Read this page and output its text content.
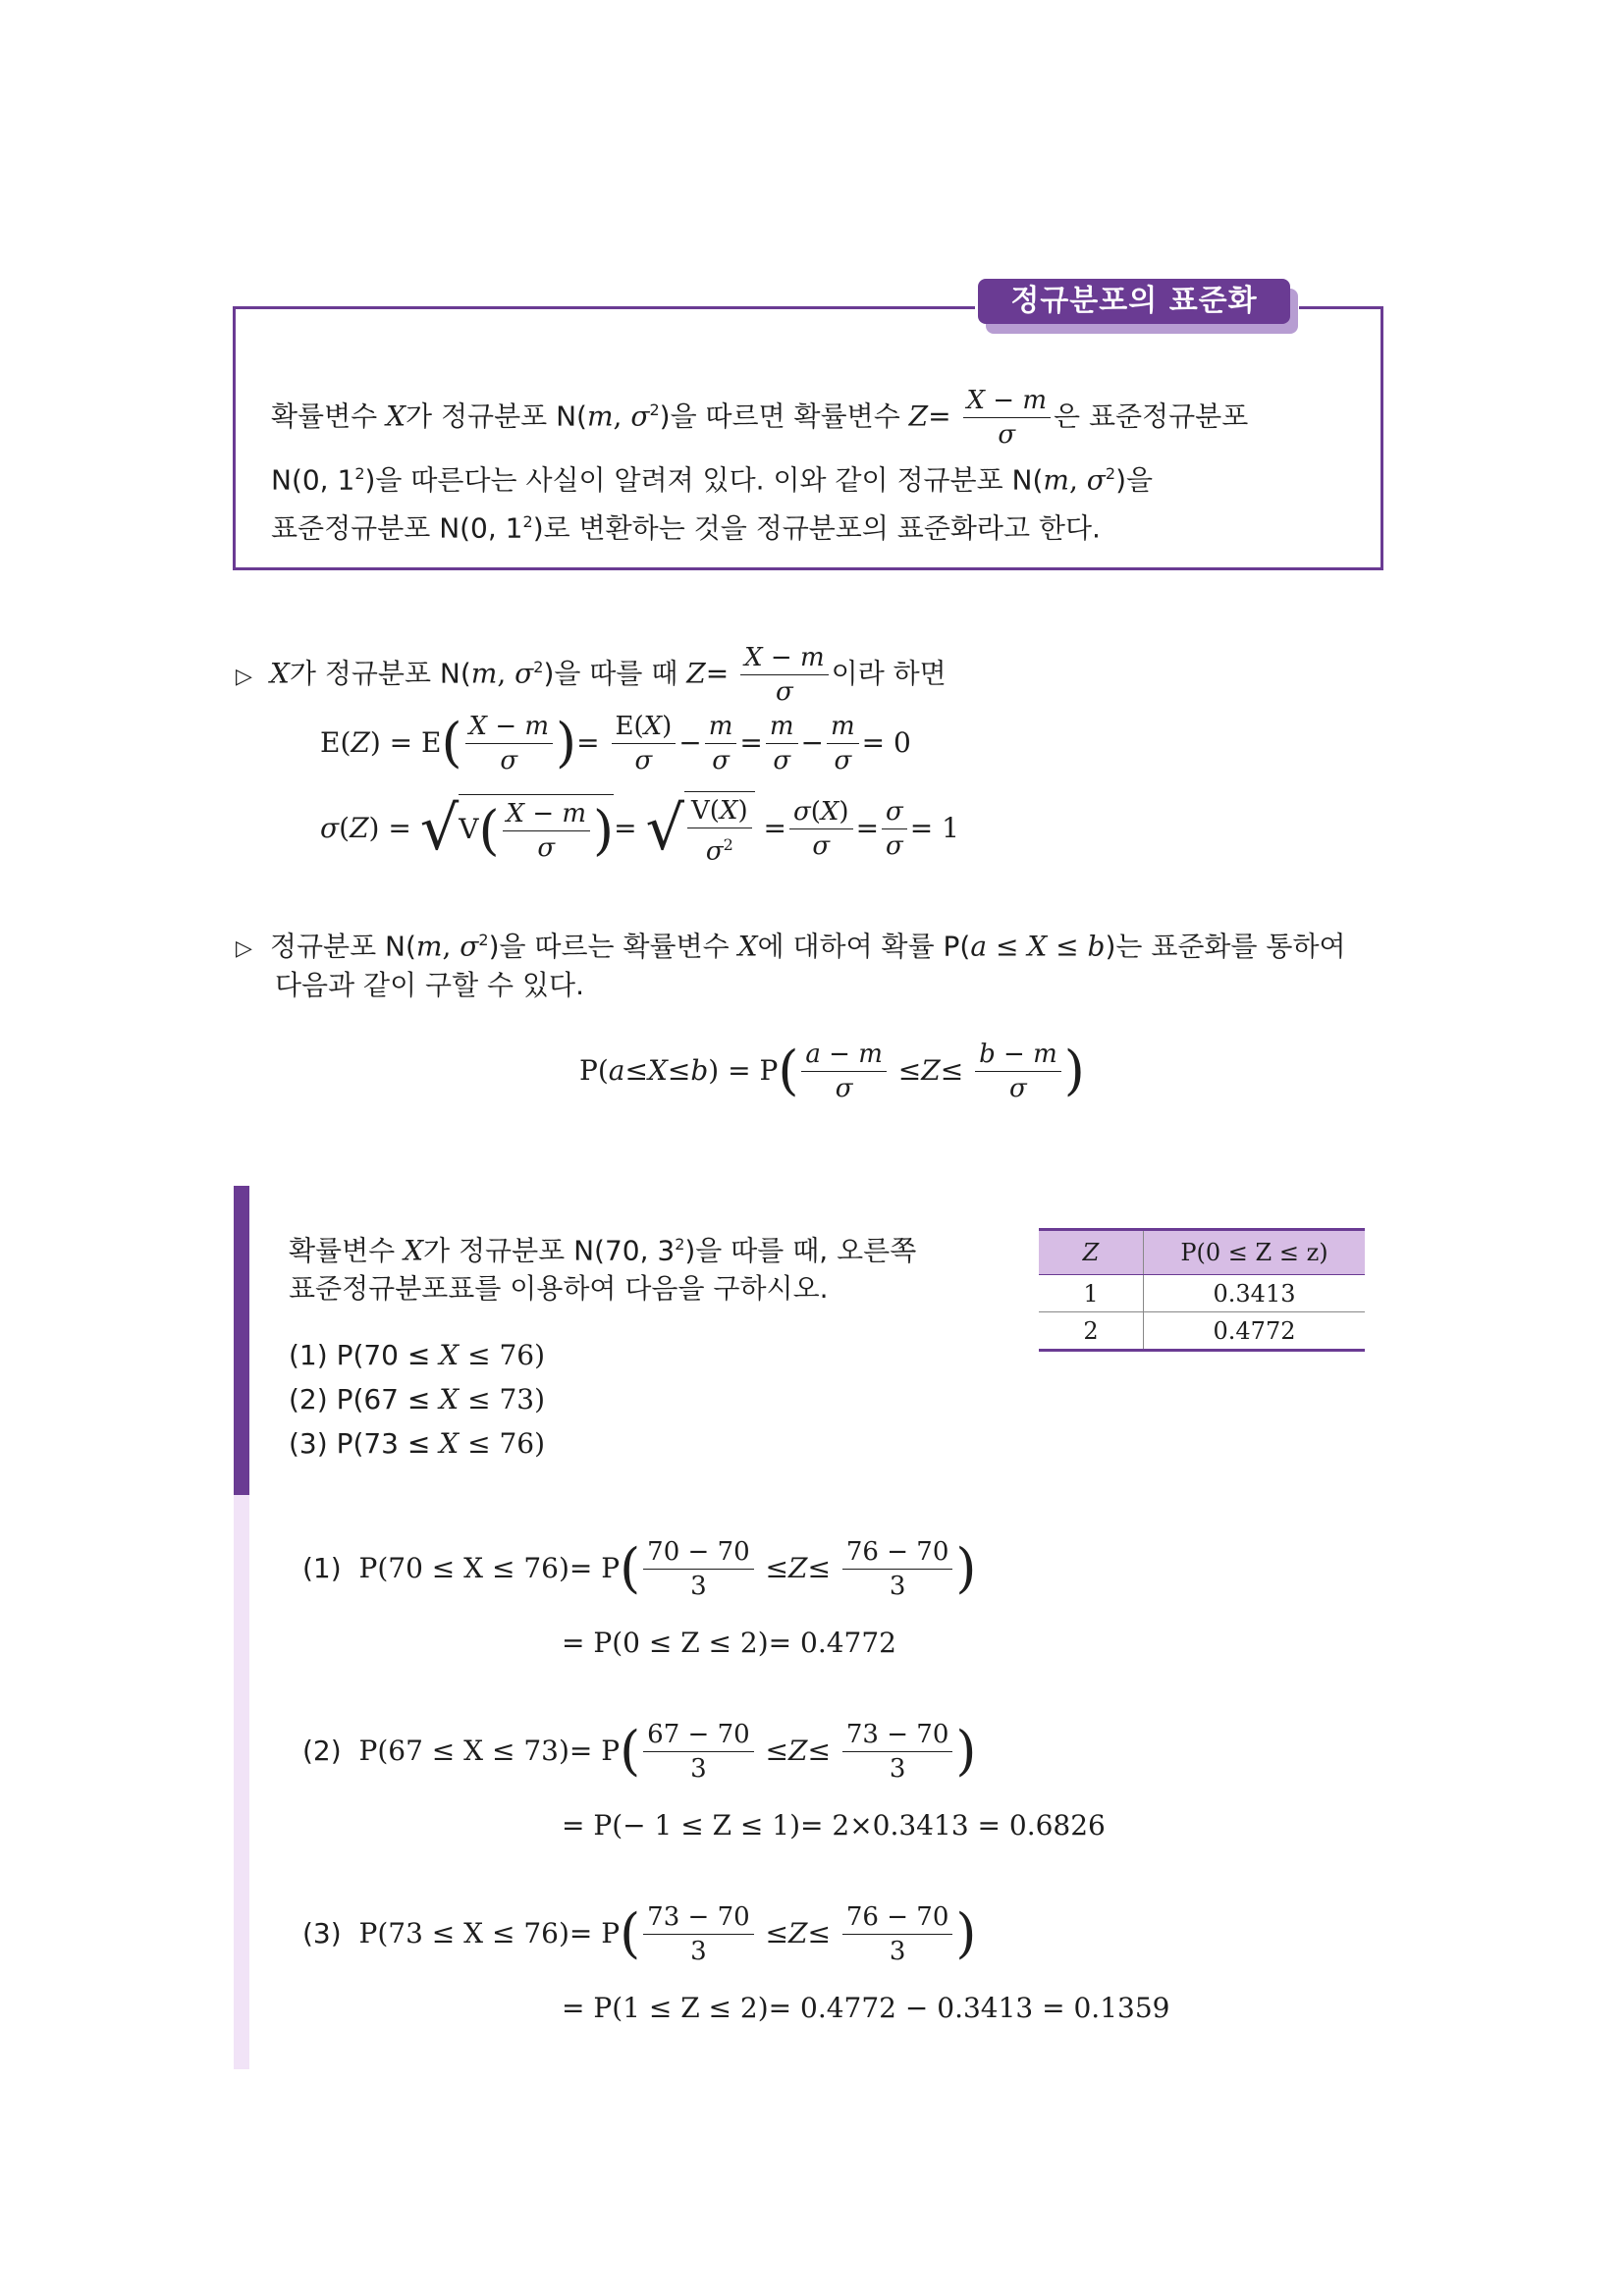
정규분포의 표준화
확률변수 X가 정규분포 N(m, $\sigma^2$)을 따르면 확률변수 $Z= \frac{X - m}{\sigma}$ 은 표준정규분포
N(0, $1^2$)을 따른다는 사실이 알려져 있다. 이와 같이 정규분포 N(m, $\sigma^2$)을
표준정규분포 N(0, $1^2$)로 변환하는 것을 정규분포의 표준화라고 한다.
▷ X가 정규분포 N(m, $\sigma^2$)을 따를 때 $Z= \frac{X - m}{\sigma}$ 이라 하면
E( Z ) = E ( $\frac{X - m}{\sigma}$ ) = $\frac{E(X)}{\sigma} - \frac{m}{\sigma} = \frac{m}{\sigma} - \frac{m}{\sigma} = 0$
σ ( Z ) = √ $V( \frac{X - m}{\sigma}$ ) = √ $\frac{V(X)}{\sigma^2} = \frac{\sigma(X)}{\sigma} = \frac{\sigma}{\sigma} = 1$
▷ 정규분포 N(m, $\sigma^2$)을 따르는 확률변수 X에 대하여 확률 P(a ≤ X ≤ b)는 표준화를 통하여
다음과 같이 구할 수 있다.
P( a ≤ X ≤ b ) = P ( $\frac{a - m}{\sigma} \le Z \le \frac{b - m}{\sigma}$ )
확률변수 X가 정규분포 N(70, $3^2$)을 따를 때, 오른쪽
표준정규분포표를 이용하여 다음을 구하시오.
(1) P(70 ≤ X ≤ 76)
(2) P(67 ≤ X ≤ 73)
(3) P(73 ≤ X ≤ 76)
Z	P(0 ≤ Z ≤ z)
1	0.3413
2	0.4772
(1)
P(70 ≤ X ≤ 76)= P ( $\frac{70 - 70}{3} \le Z \le \frac{76 - 70}{3}$ )
= P(0 ≤ Z ≤ 2)= 0.4772
(2)
P(67 ≤ X ≤ 73)= P ( $\frac{67 - 70}{3} \le Z \le \frac{73 - 70}{3}$ )
= P(− 1 ≤ Z ≤ 1)= 2×0.3413 = 0.6826
(3)
P(73 ≤ X ≤ 76)= P ( $\frac{73 - 70}{3} \le Z \le \frac{76 - 70}{3}$ )
= P(1 ≤ Z ≤ 2)= 0.4772 − 0.3413 = 0.1359
